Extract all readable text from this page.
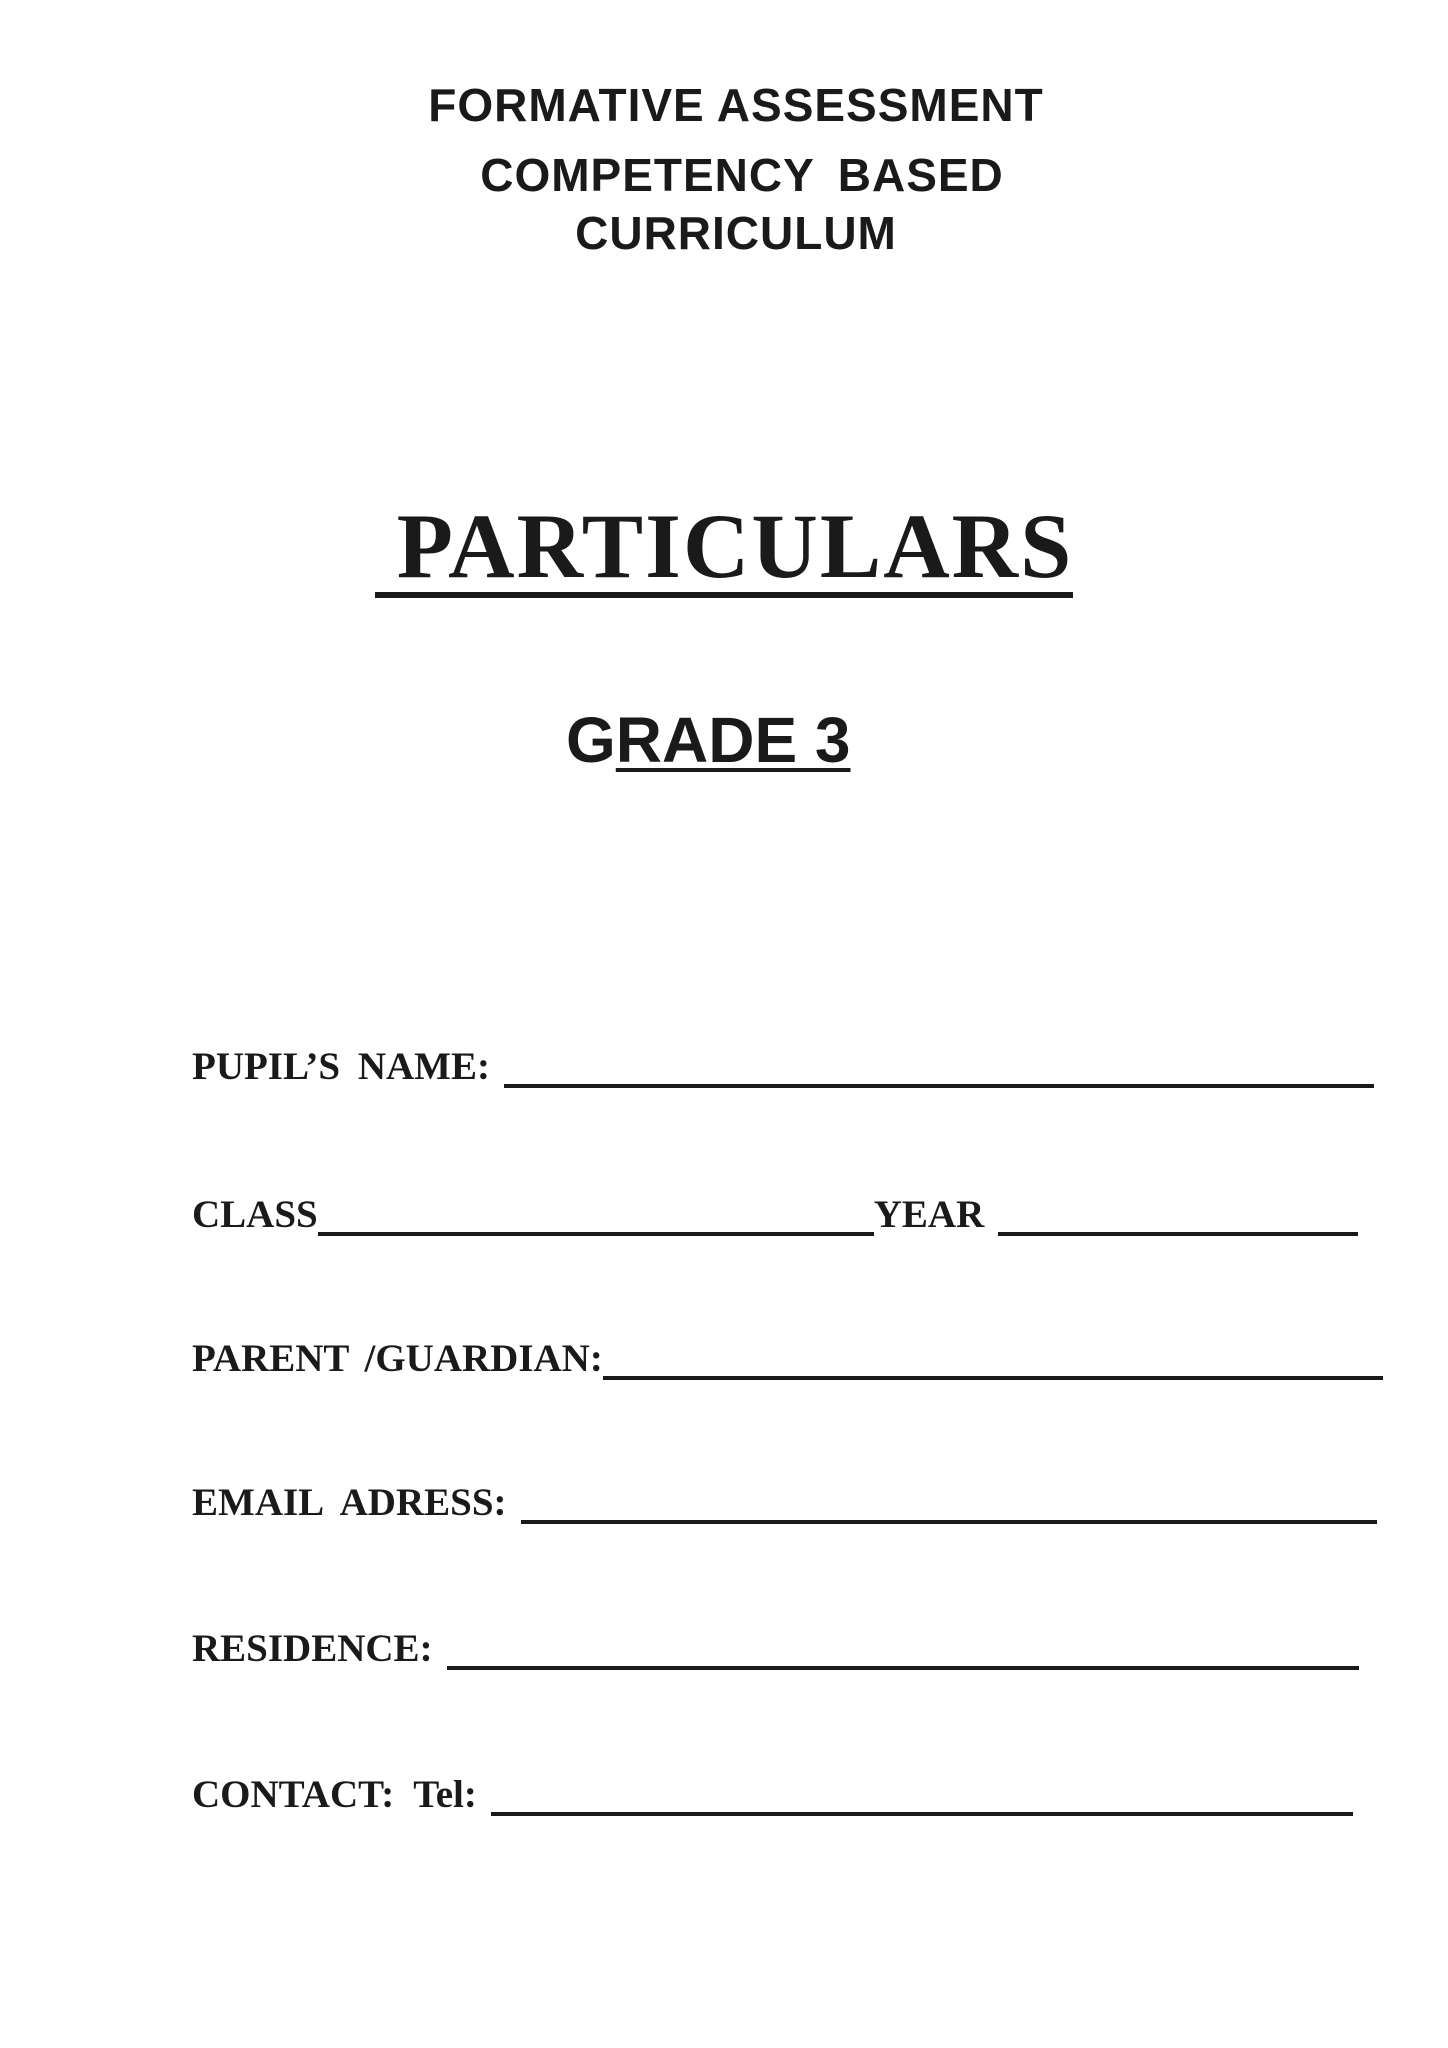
FORMATIVE ASSESSMENT
COMPETENCY BASED
CURRICULUM
PARTICULARS
GRADE 3
PUPIL’S NAME:
CLASS	YEAR
PARENT /GUARDIAN:
EMAIL ADRESS:
RESIDENCE:
CONTACT: Tel:
